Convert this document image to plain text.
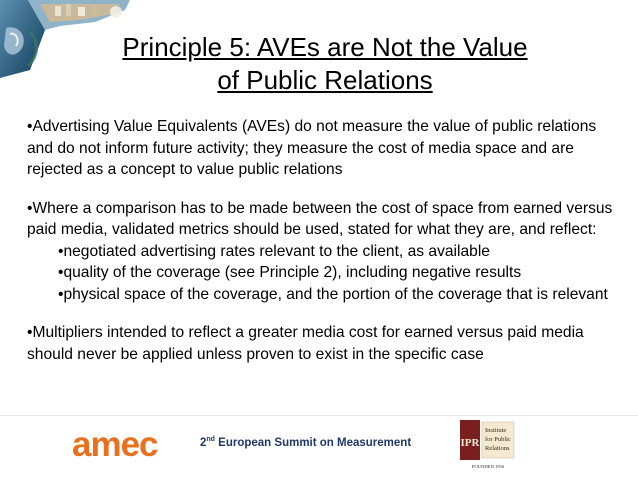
Principle 5: AVEs are Not the Value
of Public Relations

•Advertising Value Equivalents (AVEs) do not measure the value of public relations and do not inform future activity; they measure the cost of media space and are rejected as a concept to value public relations

•Where a comparison has to be made between the cost of space from earned versus paid media, validated metrics should be used, stated for what they are, and reflect:

•negotiated advertising rates relevant to the client, as available

•quality of the coverage (see Principle 2), including negative results

•physical space of the coverage, and the portion of the coverage that is relevant

•Multipliers intended to reflect a greater media cost for earned versus paid media should never be applied unless proven to exist in the specific case

amec	2nd European Summit on Measurement	IPR
Institute
for Public
Relations
FOUNDED 1956
